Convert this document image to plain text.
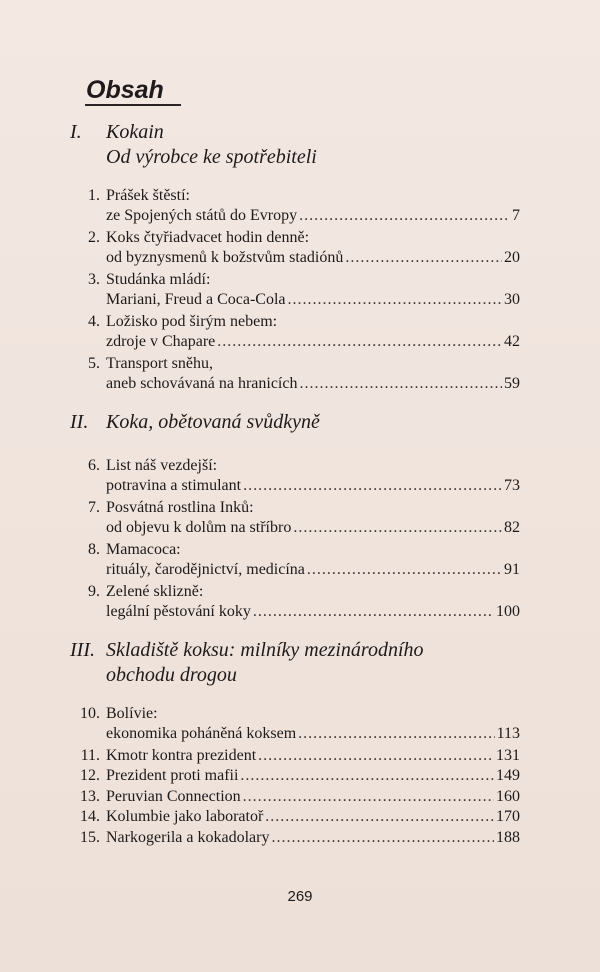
Obsah
I.	Kokain
Od výrobce ke spotřebiteli
1. Prášek štěstí:
ze Spojených států do Evropy .....	7
2. Koks čtyřiadvacet hodin denně:
od byznysmenů k božstvům stadiónů .....	20
3. Studánka mládí:
Mariani, Freud a Coca-Cola .....	30
4. Ložisko pod širým nebem:
zdroje v Chapare .....	42
5. Transport sněhu,
aneb schovávaná na hranicích .....	59
II. Koka, obětovaná svůdkyně
6. List náš vezdejší:
potravina a stimulant .....	73
7. Posvátná rostlina Inků:
od objevu k dolům na stříbro .....	82
8. Mamacoca:
rituály, čarodějnictví, medicína .....	91
9. Zelené sklizně:
legální pěstování koky .....	100
III. Skladiště koksu: milníky mezinárodního
obchodu drogou
10. Bolívie:
ekonomika poháněná koksem .....	113
11. Kmotr kontra prezident .....	131
12. Prezident proti mafii .....	149
13. Peruvian Connection .....	160
14. Kolumbie jako laboratoř .....	170
15. Narkogerila a kokadolary .....	188
269
